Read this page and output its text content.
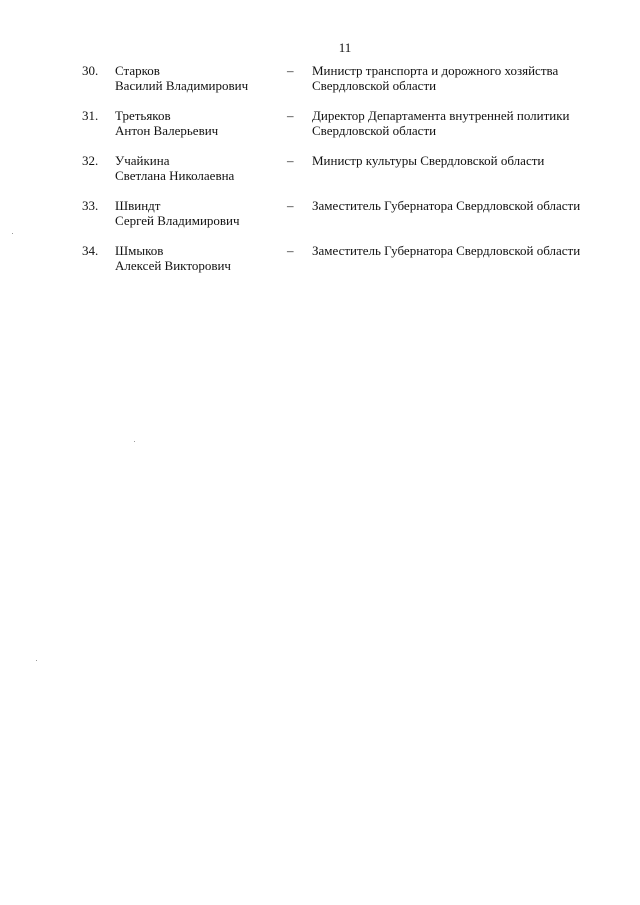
11
30. Старков
Василий Владимирович
– Министр транспорта и дорожного хозяйства
Свердловской области
31. Третьяков
Антон Валерьевич
– Директор Департамента внутренней политики
Свердловской области
32. Учайкина
Светлана Николаевна
– Министр культуры Свердловской области
33. Швиндт
Сергей Владимирович
– Заместитель Губернатора Свердловской области
34. Шмыков
Алексей Викторович
– Заместитель Губернатора Свердловской области
